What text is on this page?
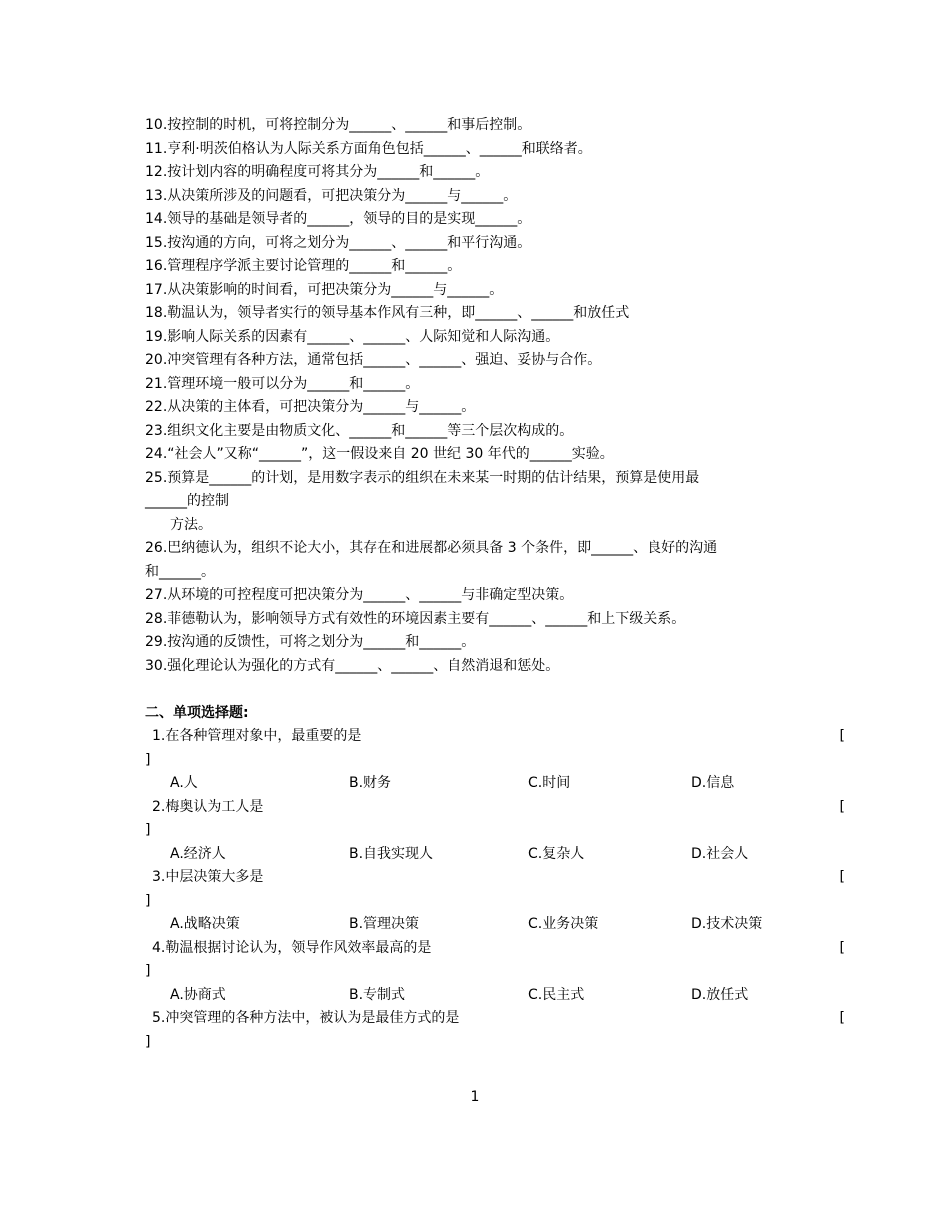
10.按控制的时机，可将控制分为______、______和事后控制。
11.亨利·明茨伯格认为人际关系方面角色包括______、______和联络者。
12.按计划内容的明确程度可将其分为______和______。
13.从决策所涉及的问题看，可把决策分为______与______。
14.领导的基础是领导者的______，领导的目的是实现______。
15.按沟通的方向，可将之划分为______、______和平行沟通。
16.管理程序学派主要讨论管理的______和______。
17.从决策影响的时间看，可把决策分为______与______。
18.勒温认为，领导者实行的领导基本作风有三种，即______、______和放任式
19.影响人际关系的因素有______、______、人际知觉和人际沟通。
20.冲突管理有各种方法，通常包括______、______、强迫、妥协与合作。
21.管理环境一般可以分为______和______。
22.从决策的主体看，可把决策分为______与______。
23.组织文化主要是由物质文化、______和______等三个层次构成的。
24.“社会人”又称“______”，这一假设来自 20 世纪 30 年代的______实验。
25.预算是______的计划，是用数字表示的组织在未来某一时期的估计结果，预算是使用最
______的控制
方法。
26.巴纳德认为，组织不论大小，其存在和进展都必须具备 3 个条件，即______、良好的沟通
和______。
27.从环境的可控程度可把决策分为______、______与非确定型决策。
28.菲德勒认为，影响领导方式有效性的环境因素主要有______、______和上下级关系。
29.按沟通的反馈性，可将之划分为______和______。
30.强化理论认为强化的方式有______、______、自然消退和惩处。
二、单项选择题:
1.在各种管理对象中，最重要的是	[
]
A.人	B.财务	C.时间	D.信息
2.梅奥认为工人是	[
]
A.经济人	B.自我实现人	C.复杂人	D.社会人
3.中层决策大多是	[
]
A.战略决策	B.管理决策	C.业务决策	D.技术决策
4.勒温根据讨论认为，领导作风效率最高的是	[
]
A.协商式	B.专制式	C.民主式	D.放任式
5.冲突管理的各种方法中，被认为是最佳方式的是	[
]
1
